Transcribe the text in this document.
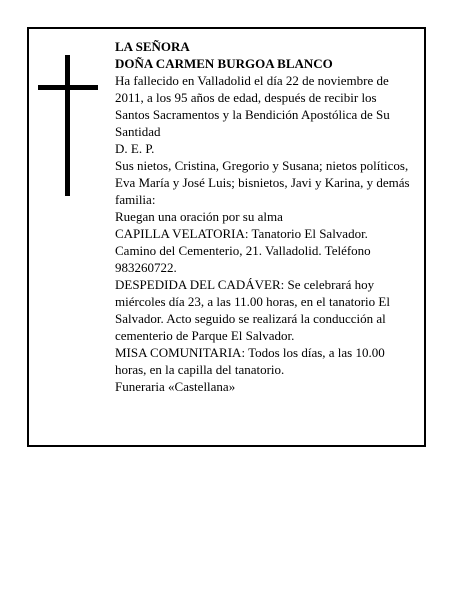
LA SEÑORA

DOÑA CARMEN BURGOA BLANCO

Ha fallecido en Valladolid el día 22 de noviembre de 2011, a los 95 años de edad, después de recibir los Santos Sacramentos y la Bendición Apostólica de Su Santidad

D. E. P.

Sus nietos, Cristina, Gregorio y Susana; nietos políticos, Eva María y José Luis; bisnietos, Javi y Karina, y demás familia:

Ruegan una oración por su alma

CAPILLA VELATORIA: Tanatorio El Salvador. Camino del Cementerio, 21. Valladolid. Teléfono 983260722.

DESPEDIDA DEL CADÁVER: Se celebrará hoy miércoles día 23, a las 11.00 horas, en el tanatorio El Salvador. Acto seguido se realizará la conducción al cementerio de Parque El Salvador.

MISA COMUNITARIA: Todos los días, a las 10.00 horas, en la capilla del tanatorio.

Funeraria «Castellana»
